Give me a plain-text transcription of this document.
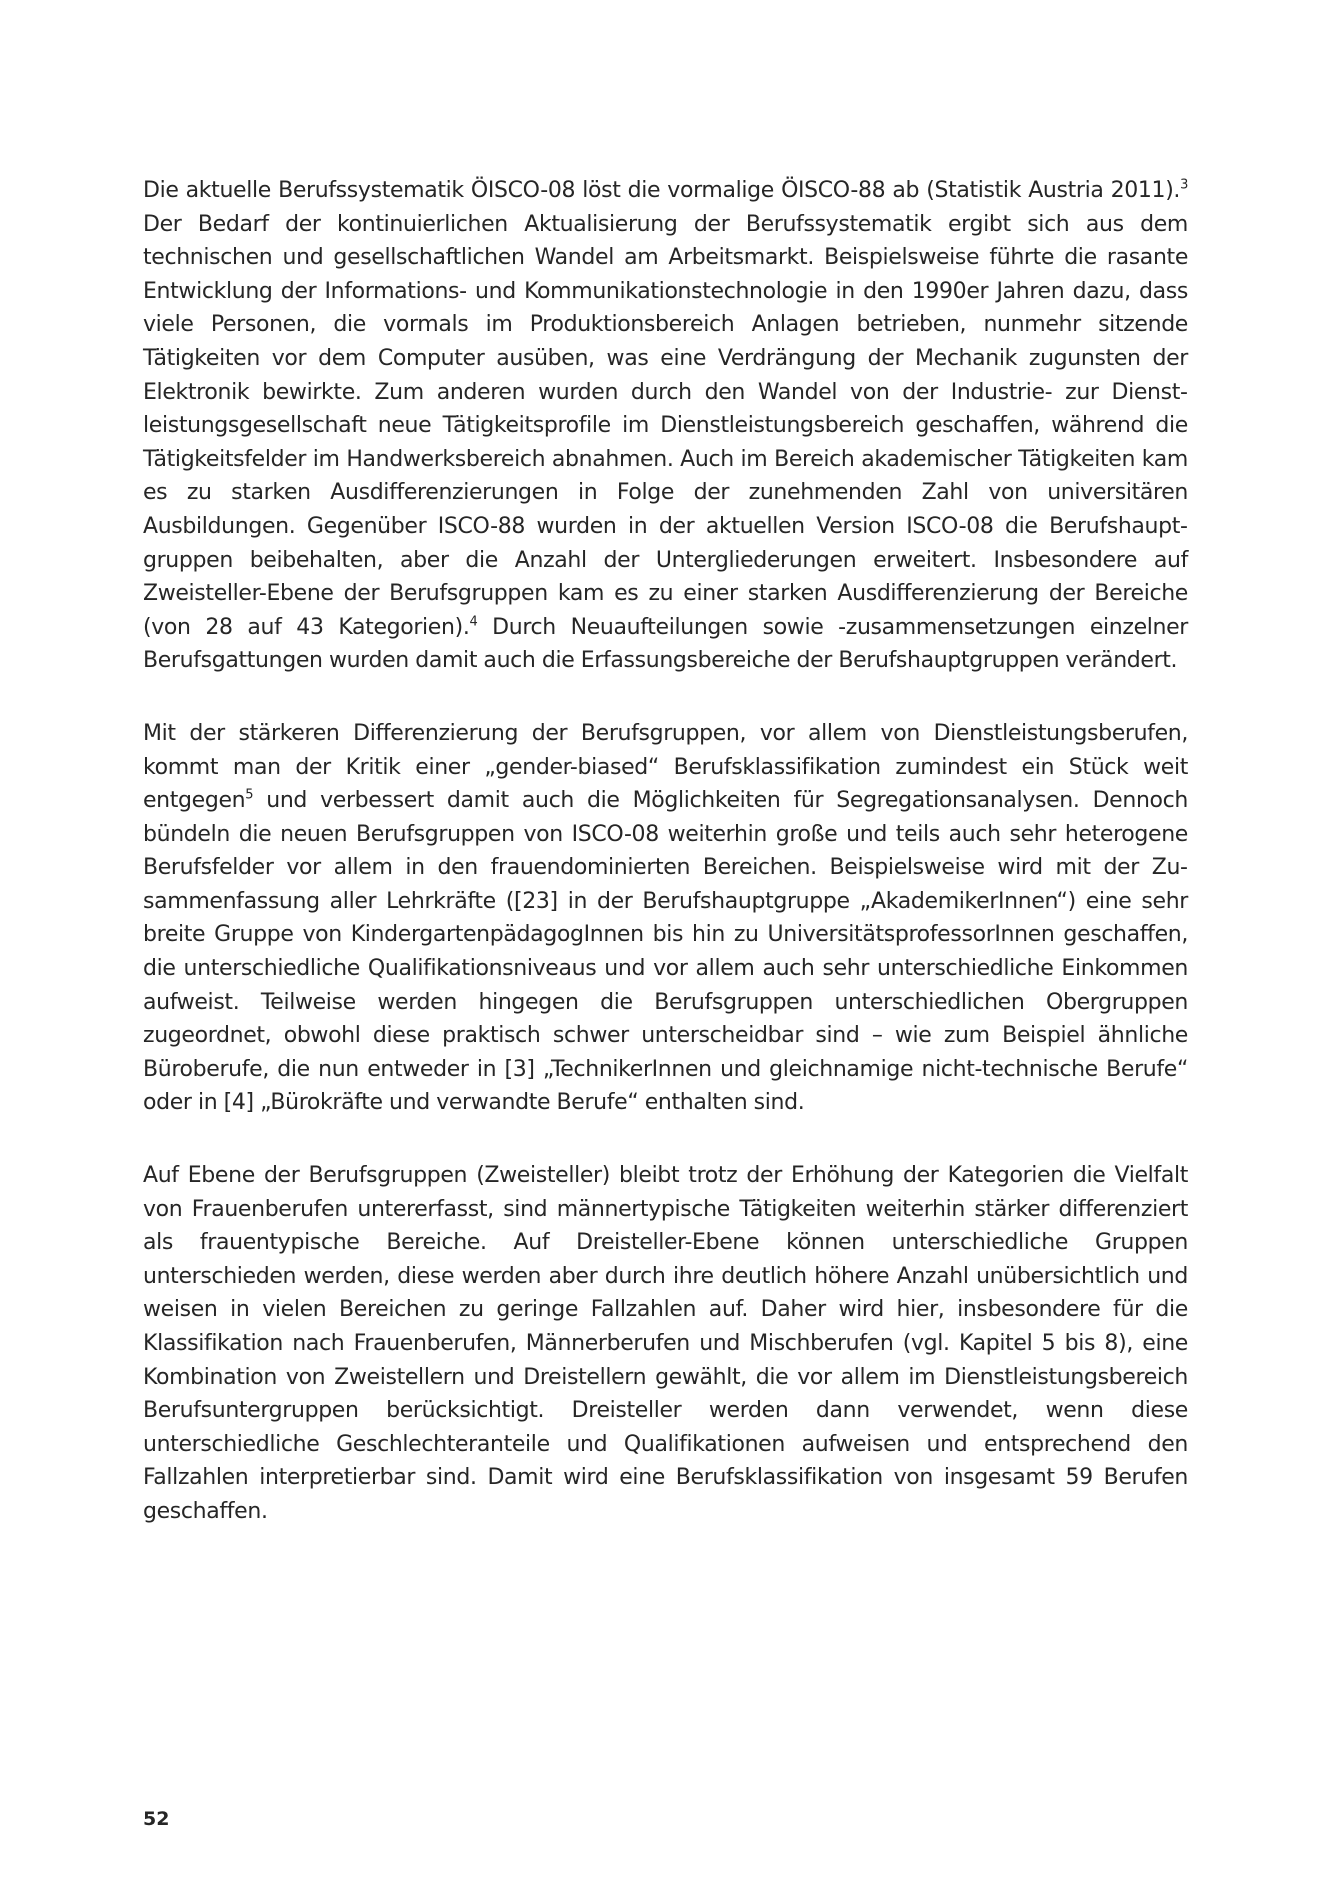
Die aktuelle Berufssystematik ÖISCO-08 löst die vormalige ÖISCO-88 ab (Statistik Austria 2011).$^3$ Der Bedarf der kontinuierlichen Aktualisierung der Berufssystematik ergibt sich aus dem technischen und gesellschaftlichen Wandel am Arbeitsmarkt. Beispielsweise führte die rasante Entwicklung der Informations- und Kommunikationstechnologie in den 1990er Jahren dazu, dass viele Personen, die vormals im Produktionsbereich Anlagen betrieben, nunmehr sitzende Tätigkeiten vor dem Computer ausüben, was eine Verdrängung der Mechanik zugunsten der Elektronik bewirkte. Zum anderen wurden durch den Wandel von der Industrie- zur Dienstleistungsgesellschaft neue Tätigkeitsprofile im Dienstleistungsbereich geschaffen, während die Tätigkeitsfelder im Handwerksbereich abnahmen. Auch im Bereich akademischer Tätigkeiten kam es zu starken Ausdifferenzierungen in Folge der zunehmenden Zahl von universitären Ausbildungen. Gegenüber ISCO-88 wurden in der aktuellen Version ISCO-08 die Berufshauptgruppen beibehalten, aber die Anzahl der Untergliederungen erweitert. Insbesondere auf Zweisteller-Ebene der Berufsgruppen kam es zu einer starken Ausdifferenzierung der Bereiche (von 28 auf 43 Kategorien).$^4$ Durch Neuaufteilungen sowie -zusammensetzungen einzelner Berufsgattungen wurden damit auch die Erfassungsbereiche der Berufshauptgruppen verändert.

Mit der stärkeren Differenzierung der Berufsgruppen, vor allem von Dienstleistungsberufen, kommt man der Kritik einer „gender-biased“ Berufsklassifikation zumindest ein Stück weit entgegen$^5$ und verbessert damit auch die Möglichkeiten für Segregationsanalysen. Dennoch bündeln die neuen Berufsgruppen von ISCO-08 weiterhin große und teils auch sehr heterogene Berufsfelder vor allem in den frauendominierten Bereichen. Beispielsweise wird mit der Zusammenfassung aller Lehrkräfte ([23] in der Berufshauptgruppe „AkademikerInnen“) eine sehr breite Gruppe von KindergartenpädagogInnen bis hin zu UniversitätsprofessorInnen geschaffen, die unterschiedliche Qualifikationsniveaus und vor allem auch sehr unterschiedliche Einkommen aufweist. Teilweise werden hingegen die Berufsgruppen unterschiedlichen Obergruppen zugeordnet, obwohl diese praktisch schwer unterscheidbar sind – wie zum Beispiel ähnliche Büroberufe, die nun entweder in [3] „TechnikerInnen und gleichnamige nicht-technische Berufe“ oder in [4] „Bürokräfte und verwandte Berufe“ enthalten sind.

Auf Ebene der Berufsgruppen (Zweisteller) bleibt trotz der Erhöhung der Kategorien die Vielfalt von Frauenberufen untererfasst, sind männertypische Tätigkeiten weiterhin stärker differenziert als frauentypische Bereiche. Auf Dreisteller-Ebene können unterschiedliche Gruppen unterschieden werden, diese werden aber durch ihre deutlich höhere Anzahl unübersichtlich und weisen in vielen Bereichen zu geringe Fallzahlen auf. Daher wird hier, insbesondere für die Klassifikation nach Frauenberufen, Männerberufen und Mischberufen (vgl. Kapitel 5 bis 8), eine Kombination von Zweistellern und Dreistellern gewählt, die vor allem im Dienstleistungsbereich Berufsuntergruppen berücksichtigt. Dreisteller werden dann verwendet, wenn diese unterschiedliche Geschlechteranteile und Qualifikationen aufweisen und entsprechend den Fallzahlen interpretierbar sind. Damit wird eine Berufsklassifikation von insgesamt 59 Berufen geschaffen.

52
